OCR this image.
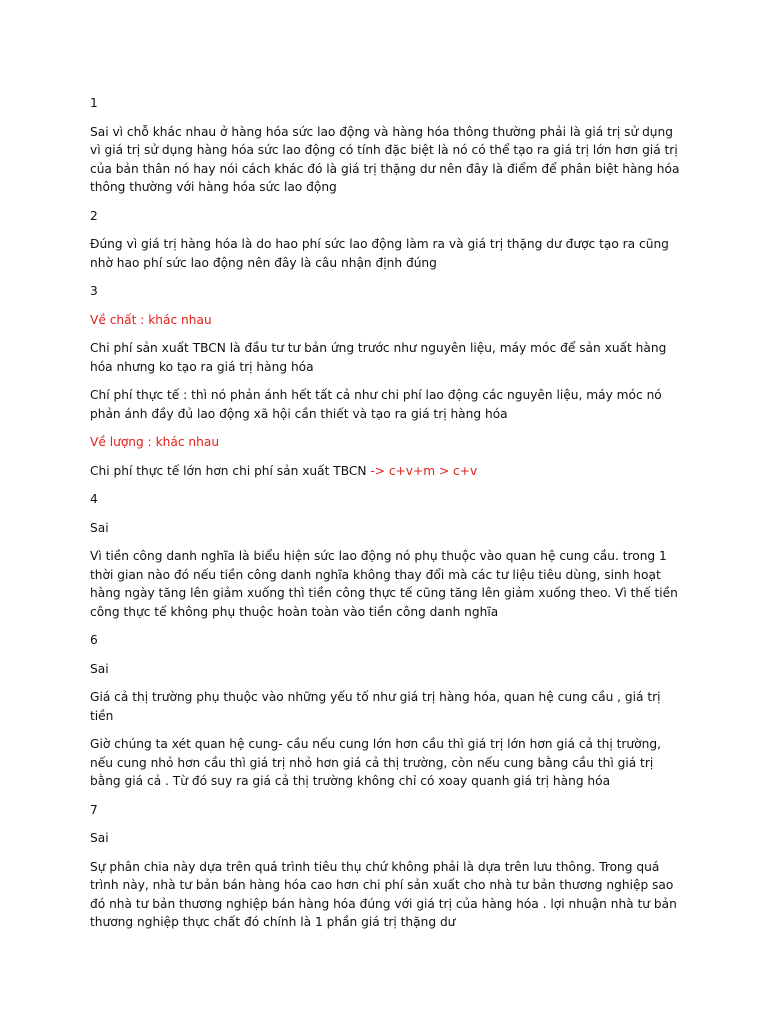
1

Sai vì chỗ khác nhau ở hàng hóa sức lao động và hàng hóa thông thường phải là giá trị sử dụng vì giá trị sử dụng hàng hóa sức lao động có tính đặc biệt là nó có thể tạo ra giá trị lớn hơn giá trị của bản thân nó hay nói cách khác đó là giá trị thặng dư nên đây là điểm để phân biệt hàng hóa thông thường với hàng hóa sức lao động

2

Đúng vì giá trị hàng hóa là do hao phí sức lao động làm ra và giá trị thặng dư được tạo ra cũng nhờ hao phí sức lao động nên đây là câu nhận định đúng

3

Về chất : khác nhau

Chi phí sản xuất TBCN là đầu tư tư bản ứng trước như nguyên liệu, máy móc để sản xuất hàng hóa nhưng ko tạo ra giá trị hàng hóa

Chí phí thực tế : thì nó phản ánh hết tất cả như chi phí lao động các nguyên liệu, máy móc nó phản ánh đầy đủ lao động xã hội cần thiết và tạo ra giá trị hàng hóa

Về lượng : khác nhau

Chi phí thực tế lớn hơn chi phí sản xuất TBCN -> c+v+m > c+v

4

Sai

Vì tiền công danh nghĩa là biểu hiện sức lao động nó phụ thuộc vào quan hệ cung cầu. trong 1 thời gian nào đó nếu tiền công danh nghĩa không thay đổi mà các tư liệu tiêu dùng, sinh hoạt hàng ngày tăng lên giảm xuống thì tiền công thực tế cũng tăng lên giảm xuống theo. Vì thế tiền công thực tế không phụ thuộc hoàn toàn vào tiền công danh nghĩa

6

Sai

Giá cả thị trường phụ thuộc vào những yếu tố như giá trị hàng hóa, quan hệ cung cầu , giá trị tiền

Giờ chúng ta xét quan hệ cung- cầu nếu cung lớn hơn cầu thì giá trị lớn hơn giá cả thị trường, nếu cung nhỏ hơn cầu thì giá trị nhỏ hơn giá cả thị trường, còn nếu cung bằng cầu thì giá trị bằng giá cả . Từ đó suy ra giá cả thị trường không chỉ có xoay quanh giá trị hàng hóa

7

Sai

Sự phân chia này dựa trên quá trình tiêu thụ chứ không phải là dựa trên lưu thông. Trong quá trình này, nhà tư bản bán hàng hóa cao hơn chi phí sản xuất cho nhà tư bản thương nghiệp sao đó nhà tư bản thương nghiệp bán hàng hóa đúng với giá trị của hàng hóa . lợi nhuận nhà tư bản thương nghiệp thực chất đó chính là 1 phần giá trị thặng dư
